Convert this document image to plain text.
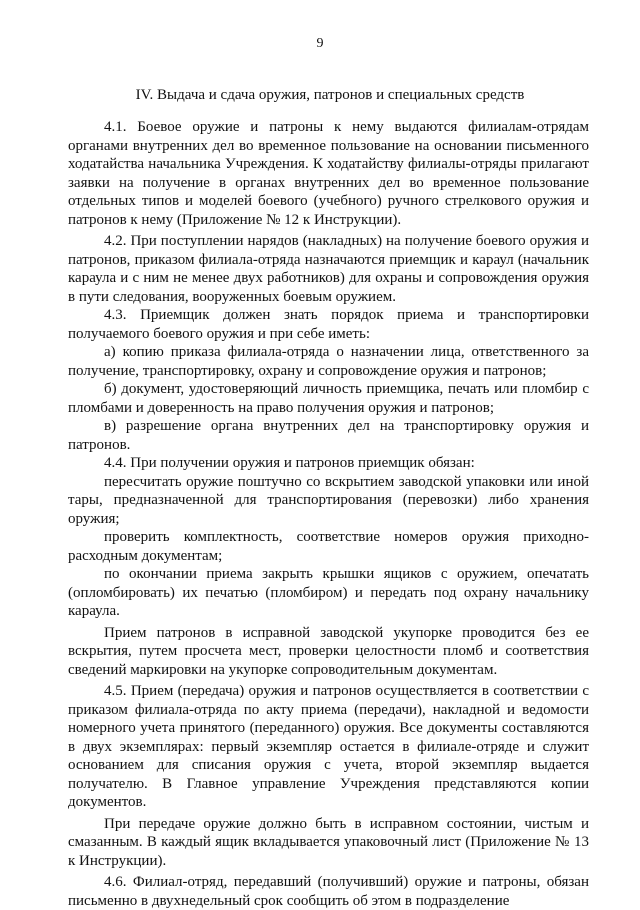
9
IV. Выдача и сдача оружия, патронов и специальных средств

4.1. Боевое оружие и патроны к нему выдаются филиалам-отрядам органами внутренних дел во временное пользование на основании письменного ходатайства начальника Учреждения. К ходатайству филиалы-отряды прилагают заявки на получение в органах внутренних дел во временное пользование отдельных типов и моделей боевого (учебного) ручного стрелкового оружия и патронов к нему (Приложение № 12 к Инструкции).

4.2. При поступлении нарядов (накладных) на получение боевого оружия и патронов, приказом филиала-отряда назначаются приемщик и караул (начальник караула и с ним не менее двух работников) для охраны и сопровождения оружия в пути следования, вооруженных боевым оружием.

4.3. Приемщик должен знать порядок приема и транспортировки получаемого боевого оружия и при себе иметь:

а) копию приказа филиала-отряда о назначении лица, ответственного за получение, транспортировку, охрану и сопровождение оружия и патронов;

б) документ, удостоверяющий личность приемщика, печать или пломбир с пломбами и доверенность на право получения оружия и патронов;

в) разрешение органа внутренних дел на транспортировку оружия и патронов.

4.4. При получении оружия и патронов приемщик обязан:

пересчитать оружие поштучно со вскрытием заводской упаковки или иной тары, предназначенной для транспортирования (перевозки) либо хранения оружия;

проверить комплектность, соответствие номеров оружия приходно-расходным документам;

по окончании приема закрыть крышки ящиков с оружием, опечатать (опломбировать) их печатью (пломбиром) и передать под охрану начальнику караула.

Прием патронов в исправной заводской укупорке проводится без ее вскрытия, путем просчета мест, проверки целостности пломб и соответствия сведений маркировки на укупорке сопроводительным документам.

4.5. Прием (передача) оружия и патронов осуществляется в соответствии с приказом филиала-отряда по акту приема (передачи), накладной и ведомости номерного учета принятого (переданного) оружия. Все документы составляются в двух экземплярах: первый экземпляр остается в филиале-отряде и служит основанием для списания оружия с учета, второй экземпляр выдается получателю. В Главное управление Учреждения представляются копии документов.

При передаче оружие должно быть в исправном состоянии, чистым и смазанным. В каждый ящик вкладывается упаковочный лист (Приложение № 13 к Инструкции).

4.6. Филиал-отряд, передавший (получивший) оружие и патроны, обязан письменно в двухнедельный срок сообщить об этом в подразделение
